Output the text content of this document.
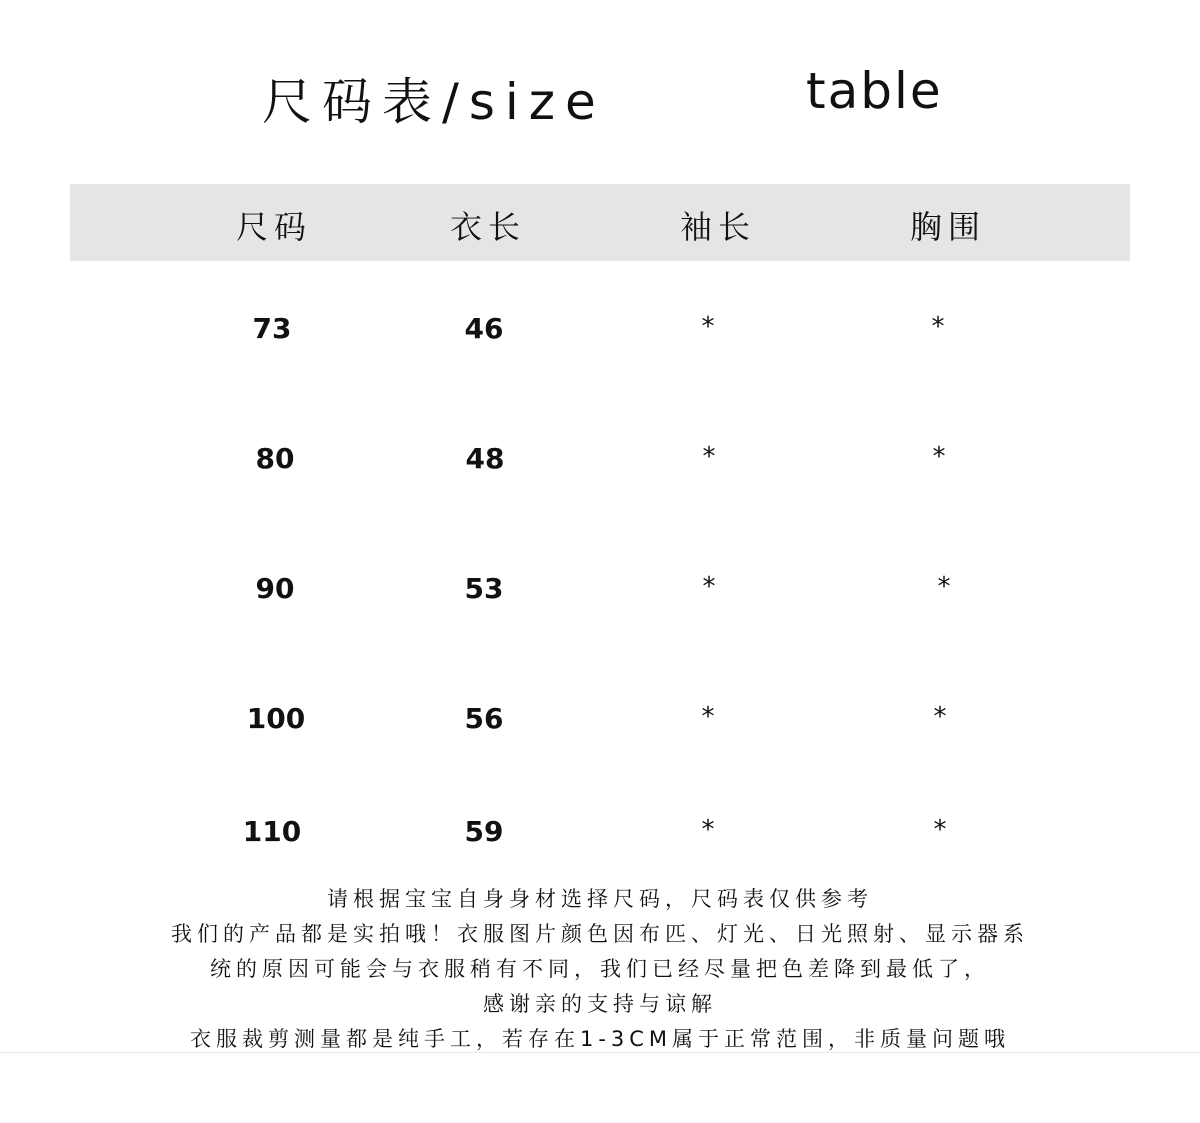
尺码表/size	table
尺码	衣长	袖长	胸围
73	46	*	*
80	48	*	*
90	53	*	*
100	56	*	*
110	59	*	*
请根据宝宝自身身材选择尺码，尺码表仅供参考
我们的产品都是实拍哦！衣服图片颜色因布匹、灯光、日光照射、显示器系
统的原因可能会与衣服稍有不同，我们已经尽量把色差降到最低了，
感谢亲的支持与谅解
衣服裁剪测量都是纯手工，若存在1-3CM属于正常范围，非质量问题哦
